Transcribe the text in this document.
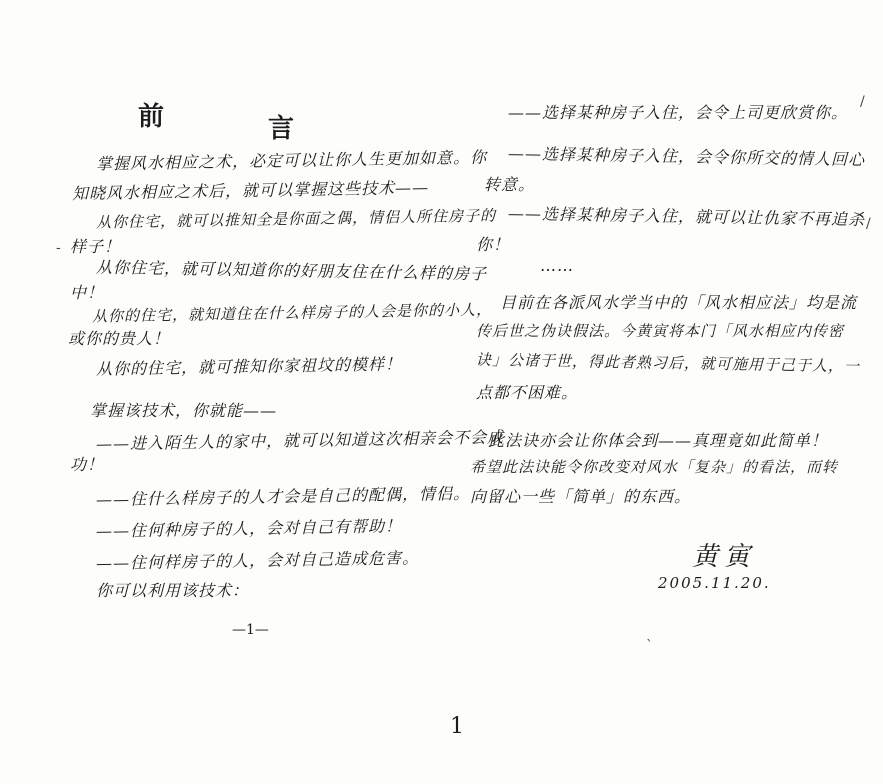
前	言
掌握风水相应之术，必定可以让你人生更加如意。你
知晓风水相应之术后，就可以掌握这些技术——
从你住宅，就可以推知全是你面之偶，情侣人所住房子的
样子！
从你住宅，就可以知道你的好朋友住在什么样的房子
中！
从你的住宅，就知道住在什么样房子的人会是你的小人，
或你的贵人！
从你的住宅，就可推知你家祖坟的模样！
掌握该技术，你就能——
——进入陌生人的家中，就可以知道这次相亲会不会成
功！
——住什么样房子的人才会是自己的配偶，情侣。
——住何种房子的人，会对自己有帮助！
——住何样房子的人，会对自己造成危害。
你可以利用该技术：
——选择某种房子入住，会令上司更欣赏你。
——选择某种房子入住，会令你所交的情人回心
转意。
——选择某种房子入住，就可以让仇家不再追杀
你！
……
目前在各派风水学当中的「风水相应法」均是流
传后世之伪诀假法。今黄寅将本门「风水相应内传密
诀」公诸于世，得此者熟习后，就可施用于己于人，一
点都不困难。
此法诀亦会让你体会到——真理竟如此简单！
希望此法诀能令你改变对风水「复杂」的看法，而转
向留心一些「简单」的东西。
黄寅
2005.11.20.
—1—
1
/
/
`
-
